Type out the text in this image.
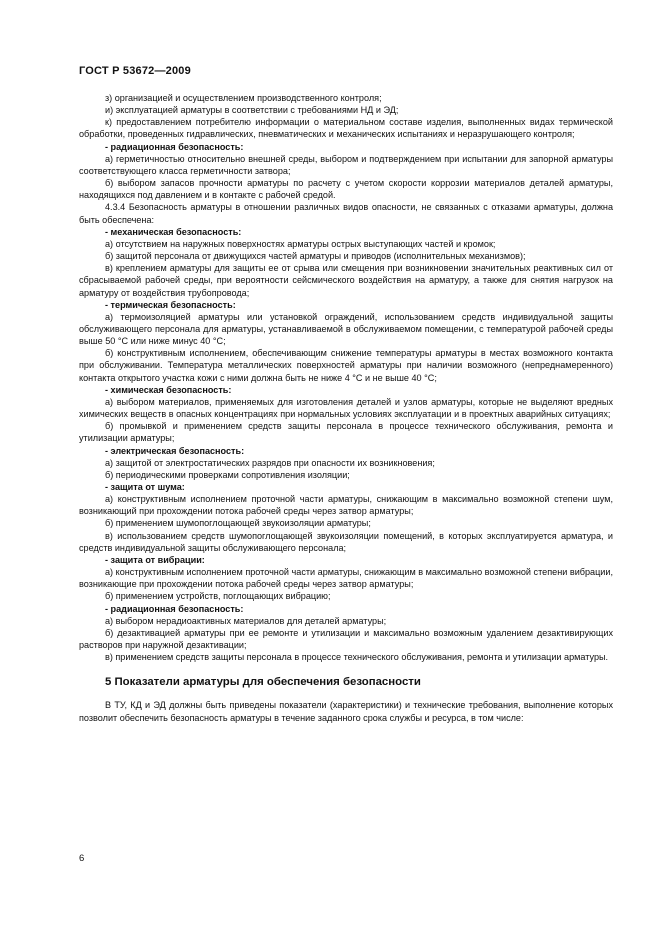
ГОСТ Р 53672—2009

з) организацией и осуществлением производственного контроля;

и) эксплуатацией арматуры в соответствии с требованиями НД и ЭД;

к) предоставлением потребителю информации о материальном составе изделия, выполненных видах термической обработки, проведенных гидравлических, пневматических и механических испытаниях и неразрушающего контроля;

- радиационная безопасность:

а) герметичностью относительно внешней среды, выбором и подтверждением при испытании для запорной арматуры соответствующего класса герметичности затвора;

б) выбором запасов прочности арматуры по расчету с учетом скорости коррозии материалов деталей арматуры, находящихся под давлением и в контакте с рабочей средой.

4.3.4 Безопасность арматуры в отношении различных видов опасности, не связанных с отказами арматуры, должна быть обеспечена:

- механическая безопасность:

а) отсутствием на наружных поверхностях арматуры острых выступающих частей и кромок;

б) защитой персонала от движущихся частей арматуры и приводов (исполнительных механизмов);

в) креплением арматуры для защиты ее от срыва или смещения при возникновении значительных реактивных сил от сбрасываемой рабочей среды, при вероятности сейсмического воздействия на арматуру, а также для снятия нагрузок на арматуру от воздействия трубопровода;

- термическая безопасность:

а) термоизоляцией арматуры или установкой ограждений, использованием средств индивидуальной защиты обслуживающего персонала для арматуры, устанавливаемой в обслуживаемом помещении, с температурой рабочей среды выше 50 °С или ниже минус 40 °С;

б) конструктивным исполнением, обеспечивающим снижение температуры арматуры в местах возможного контакта при обслуживании. Температура металлических поверхностей арматуры при наличии возможного (непреднамеренного) контакта открытого участка кожи с ними должна быть не ниже 4 °С и не выше 40 °С;

- химическая безопасность:

а) выбором материалов, применяемых для изготовления деталей и узлов арматуры, которые не выделяют вредных химических веществ в опасных концентрациях при нормальных условиях эксплуатации и в проектных аварийных ситуациях;

б) промывкой и применением средств защиты персонала в процессе технического обслуживания, ремонта и утилизации арматуры;

- электрическая безопасность:

а) защитой от электростатических разрядов при опасности их возникновения;

б) периодическими проверками сопротивления изоляции;

- защита от шума:

а) конструктивным исполнением проточной части арматуры, снижающим в максимально возможной степени шум, возникающий при прохождении потока рабочей среды через затвор арматуры;

б) применением шумопоглощающей звукоизоляции арматуры;

в) использованием средств шумопоглощающей звукоизоляции помещений, в которых эксплуатируется арматура, и средств индивидуальной защиты обслуживающего персонала;

- защита от вибрации:

а) конструктивным исполнением проточной части арматуры, снижающим в максимально возможной степени вибрации, возникающие при прохождении потока рабочей среды через затвор арматуры;

б) применением устройств, поглощающих вибрацию;

- радиационная безопасность:

а) выбором нерадиоактивных материалов для деталей арматуры;

б) дезактивацией арматуры при ее ремонте и утилизации и максимально возможным удалением дезактивирующих растворов при наружной дезактивации;

в) применением средств защиты персонала в процессе технического обслуживания, ремонта и утилизации арматуры.

5 Показатели арматуры для обеспечения безопасности

В ТУ, КД и ЭД должны быть приведены показатели (характеристики) и технические требования, выполнение которых позволит обеспечить безопасность арматуры в течение заданного срока службы и ресурса, в том числе:

6
